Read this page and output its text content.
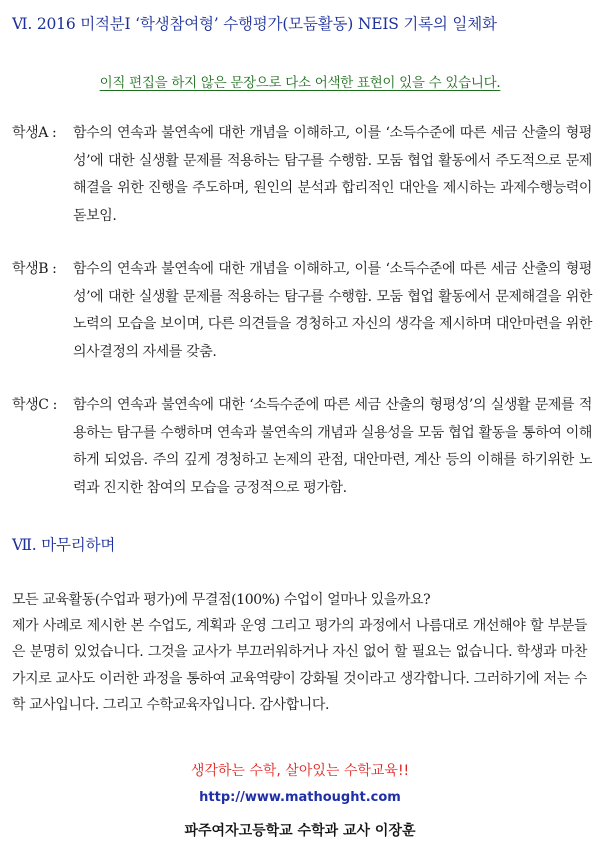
Ⅵ. 2016 미적분Ⅰ ‘학생참여형’ 수행평가(모둠활동) NEIS 기록의 일체화
이직 편집을 하지 않은 문장으로 다소 어색한 표현이 있을 수 있습니다.
학생A : 함수의 연속과 불연속에 대한 개념을 이해하고, 이를 ‘소득수준에 따른 세금 산출의 형평성’에 대한 실생활 문제를 적용하는 탐구를 수행함. 모둠 협업 활동에서 주도적으로 문제해결을 위한 진행을 주도하며, 원인의 분석과 합리적인 대안을 제시하는 과제수행능력이 돋보임.
학생B : 함수의 연속과 불연속에 대한 개념을 이해하고, 이를 ‘소득수준에 따른 세금 산출의 형평성’에 대한 실생활 문제를 적용하는 탐구를 수행함. 모둠 협업 활동에서 문제해결을 위한 노력의 모습을 보이며, 다른 의견들을 경청하고 자신의 생각을 제시하며 대안마련을 위한 의사결정의 자세를 갖춤.
학생C : 함수의 연속과 불연속에 대한 ‘소득수준에 따른 세금 산출의 형평성’의 실생활 문제를 적용하는 탐구를 수행하며 연속과 불연속의 개념과 실용성을 모둠 협업 활동을 통하여 이해하게 되었음. 주의 깊게 경청하고 논제의 관점, 대안마련, 계산 등의 이해를 하기위한 노력과 진지한 참여의 모습을 긍정적으로 평가함.
Ⅶ. 마무리하며
모든 교육활동(수업과 평가)에 무결점(100%) 수업이 얼마나 있을까요?
제가 사례로 제시한 본 수업도, 계획과 운영 그리고 평가의 과정에서 나름대로 개선해야 할 부분들은 분명히 있었습니다. 그것을 교사가 부끄러워하거나 자신 없어 할 필요는 없습니다. 학생과 마찬가지로 교사도 이러한 과정을 통하여 교육역량이 강화될 것이라고 생각합니다. 그러하기에 저는 수학 교사입니다. 그리고 수학교육자입니다. 감사합니다.
생각하는 수학, 살아있는 수학교육!!
http://www.mathought.com
파주여자고등학교 수학과 교사 이장훈
